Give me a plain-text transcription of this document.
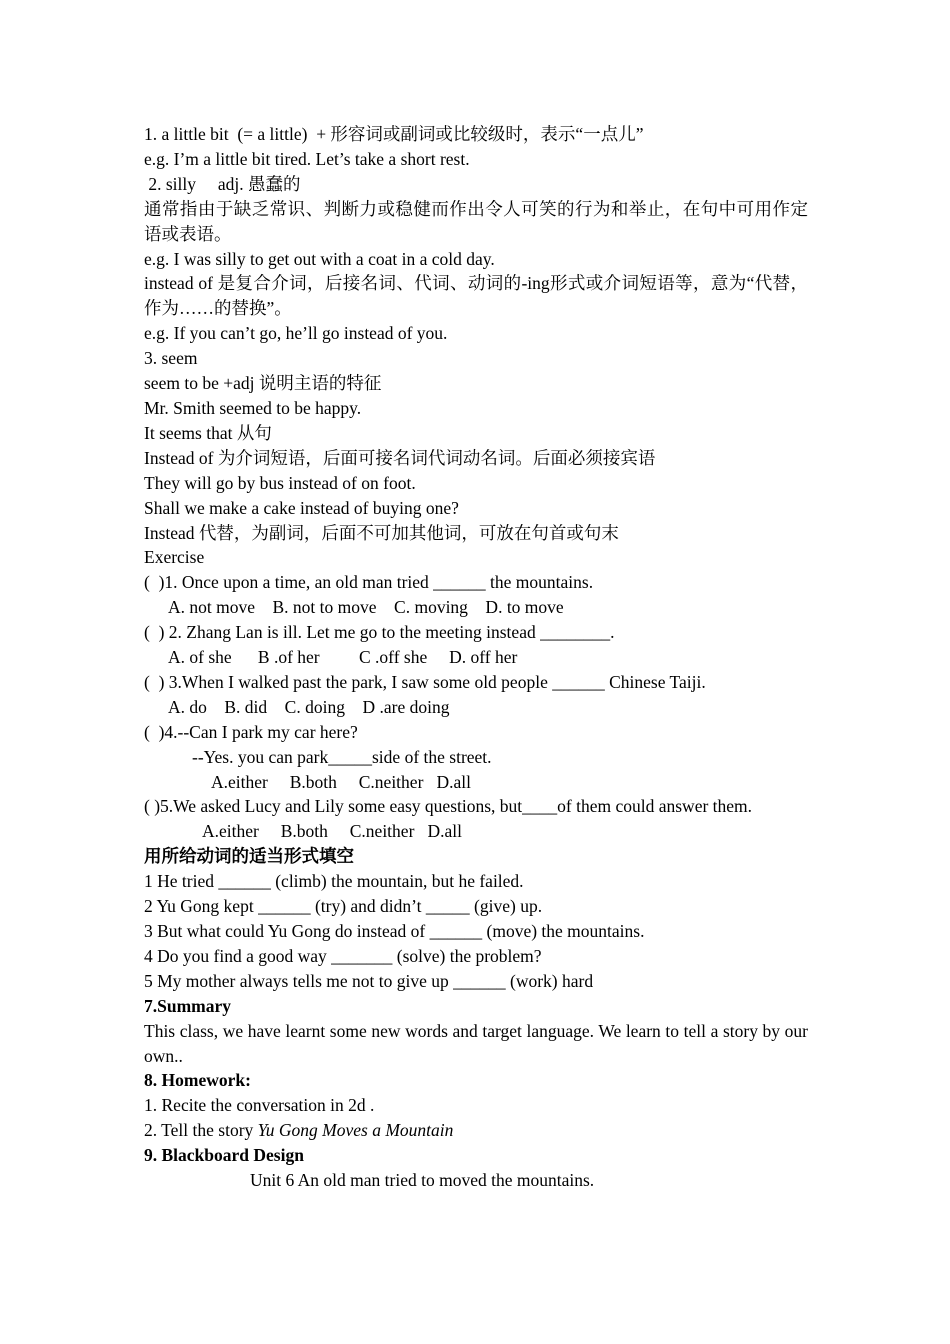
1. a little bit  (= a little)  + 形容词或副词或比较级时，表示“一点儿”

e.g. I’m a little bit tired. Let’s take a short rest.

2. silly     adj. 愚蠢的

通常指由于缺乏常识、判断力或稳健而作出令人可笑的行为和举止，在句中可用作定语或表语。

e.g. I was silly to get out with a coat in a cold day.

instead of 是复合介词，后接名词、代词、动词的-ing形式或介词短语等，意为“代替，作为……的替换”。

e.g. If you can’t go, he’ll go instead of you.

3. seem

seem to be +adj 说明主语的特征

Mr. Smith seemed to be happy.

It seems that 从句

Instead of 为介词短语，后面可接名词代词动名词。后面必须接宾语

They will go by bus instead of on foot.

Shall we make a cake instead of buying one?

Instead 代替，为副词，后面不可加其他词，可放在句首或句末

Exercise

(  )1. Once upon a time, an old man tried ______ the mountains.

A. not move    B. not to move    C. moving    D. to move

(  ) 2. Zhang Lan is ill. Let me go to the meeting instead ________.

A. of she      B .of her         C .off she     D. off her

(  ) 3.When I walked past the park, I saw some old people ______ Chinese Taiji.

A. do    B. did    C. doing    D .are doing

(  )4.--Can I park my car here?

--Yes. you can park_____side of the street.

A.either     B.both     C.neither   D.all

( )5.We asked Lucy and Lily some easy questions, but____of them could answer them.

A.either     B.both     C.neither   D.all

用所给动词的适当形式填空

1 He tried ______ (climb) the mountain, but he failed.

2 Yu Gong kept ______ (try) and didn’t _____ (give) up.

3 But what could Yu Gong do instead of ______ (move) the mountains.

4 Do you find a good way _______ (solve) the problem?

5 My mother always tells me not to give up ______ (work) hard

7.Summary

This class, we have learnt some new words and target language. We learn to tell a story by our own..

8. Homework:

1. Recite the conversation in 2d .

2. Tell the story Yu Gong Moves a Mountain

9. Blackboard Design

Unit 6 An old man tried to moved the mountains.
